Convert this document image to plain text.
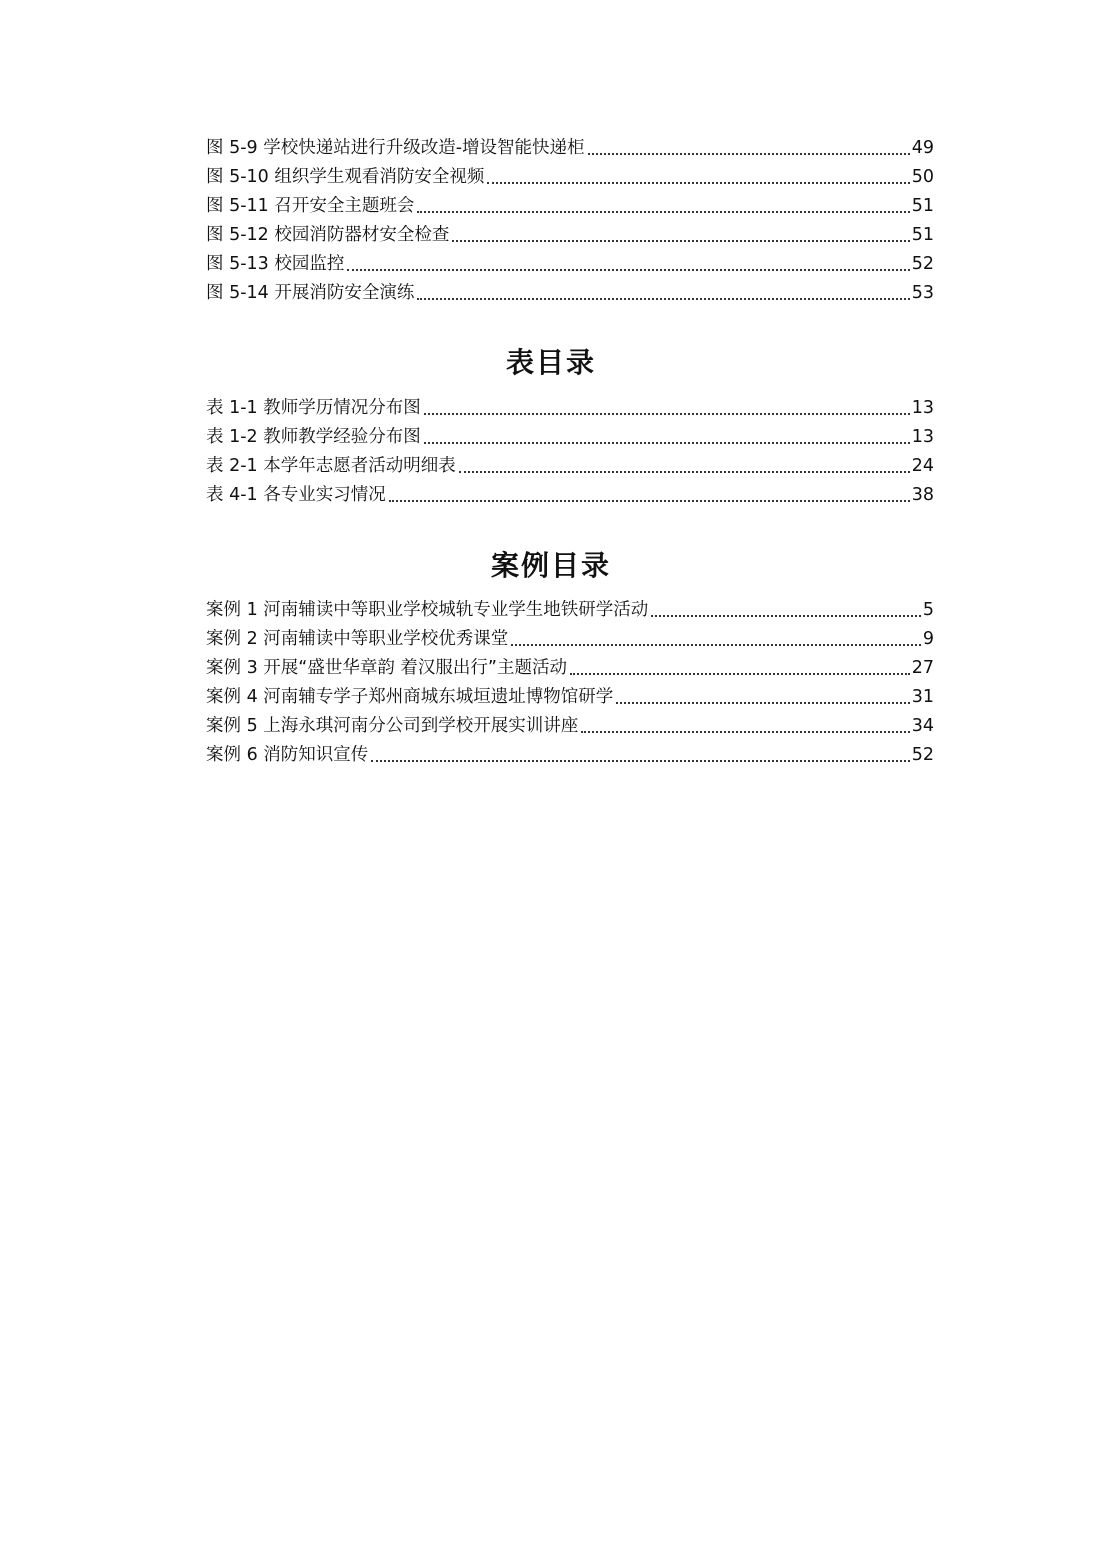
图 5-9 学校快递站进行升级改造-增设智能快递柜	49
图 5-10 组织学生观看消防安全视频	50
图 5-11 召开安全主题班会	51
图 5-12 校园消防器材安全检查	51
图 5-13 校园监控	52
图 5-14 开展消防安全演练	53
表目录
表 1-1 教师学历情况分布图	13
表 1-2 教师教学经验分布图	13
表 2-1 本学年志愿者活动明细表	24
表 4-1 各专业实习情况	38
案例目录
案例 1 河南辅读中等职业学校城轨专业学生地铁研学活动	5
案例 2 河南辅读中等职业学校优秀课堂	9
案例 3 开展“盛世华章韵 着汉服出行”主题活动	27
案例 4 河南辅专学子郑州商城东城垣遗址博物馆研学	31
案例 5 上海永琪河南分公司到学校开展实训讲座	34
案例 6 消防知识宣传	52
